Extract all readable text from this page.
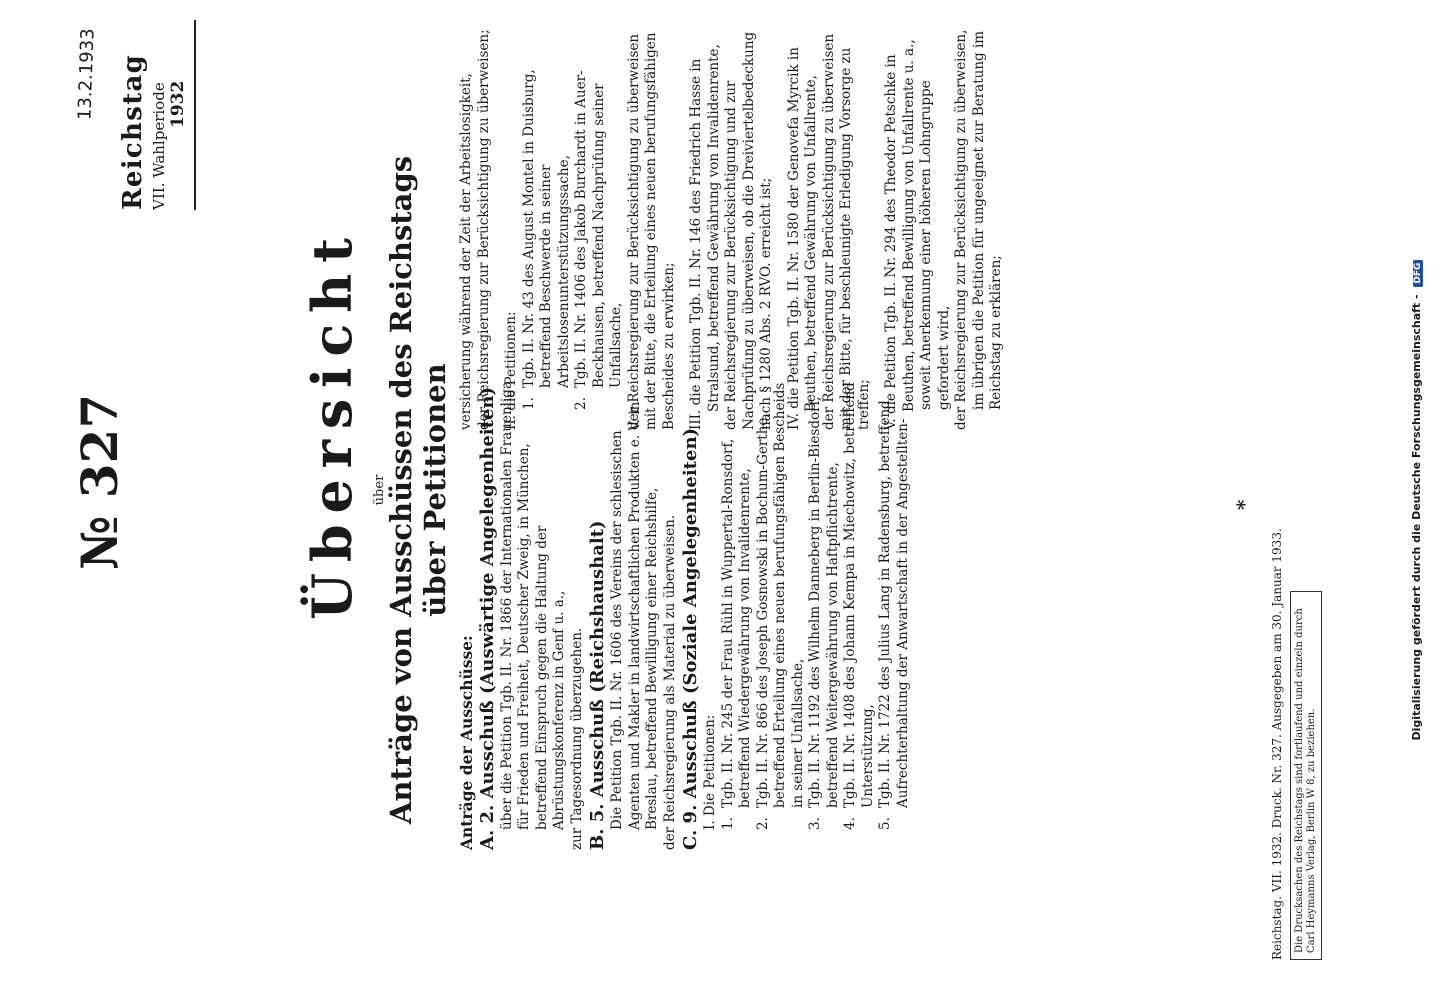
№ 327
13.2.1933 Reichstag VII. Wahlperiode 1932
Übersicht über
Anträge von Ausschüssen des Reichstags über Petitionen

Anträge der Ausschüsse: A. 2. Ausschuß (Auswärtige Angelegenheiten) über die Petition Tgb. II. Nr. 1866 der Internationalen Frauenliga für Frieden und Freiheit, Deutscher Zweig, in München, betreffend Einspruch gegen die Haltung der Abrüstungskonferenz in Genf u. a., zur Tagesordnung überzugehen. B. 5. Ausschuß (Reichshaushalt) Die Petition Tgb. II. Nr. 1606 des Vereins der schlesischen Agenten und Makler in landwirtschaftlichen Produkten e. V. in Breslau, betreffend Bewilligung einer Reichshilfe, der Reichsregierung als Material zu überweisen. C. 9. Ausschuß (Soziale Angelegenheiten) I. Die Petitionen: 1.
Tgb. II. Nr. 245 der Frau Rühl in Wuppertal-Ronsdorf, betreffend Wiedergewährung von Invalidenrente,
2.
Tgb. II. Nr. 866 des Joseph Gosnowski in Bochum-Gerthe, betreffend Erteilung eines neuen berufungsfähigen Bescheids in seiner Unfallsache,
3.
Tgb. II. Nr. 1192 des Wilhelm Danneberg in Berlin-Biesdorf, betreffend Weitergewährung von Haftpflichtrente,
4.
Tgb. II. Nr. 1408 des Johann Kempa in Miechowitz, betreffend Unterstützung,
5.
Tgb. II. Nr. 1722 des Julius Lang in Radensburg, betreffend Aufrechterhaltung der Anwartschaft in der Angestellten-

versicherung während der Zeit der Arbeitslosigkeit, der Reichsregierung zur Berücksichtigung zu überweisen; II. die Petitionen: 1.
Tgb. II. Nr. 43 des August Montel in Duisburg, betreffend Beschwerde in seiner Arbeitslosenunterstützungssache,
2.
Tgb. II. Nr. 1406 des Jakob Burchardt in Auer-Beckhausen, betreffend Nachprüfung seiner Unfallsache, der Reichsregierung zur Berücksichtigung zu überweisen mit der Bitte, die Erteilung eines neuen berufungsfähigen Bescheides zu erwirken; III. die Petition Tgb. II. Nr. 146 des Friedrich Hasse in Stralsund, betreffend Gewährung von Invalidenrente, der Reichsregierung zur Berücksichtigung und zur Nachprüfung zu überweisen, ob die Dreiviertelbedeckung nach § 1280 Abs. 2 RVO. erreicht ist; IV. die Petition Tgb. II. Nr. 1580 der Genovefa Myrcik in Beuthen, betreffend Gewährung von Unfallrente, der Reichsregierung zur Berücksichtigung zu überweisen mit der Bitte, für beschleunigte Erledigung Vorsorge zu treffen; V. die Petition Tgb. II. Nr. 294 des Theodor Petschke in Beuthen, betreffend Bewilligung von Unfallrente u. a., soweit Anerkennung einer höheren Lohngruppe gefordert wird, der Reichsregierung zur Berücksichtigung zu überweisen, im übrigen die Petition für ungeeignet zur Beratung im Reichstag zu erklären;

*
Reichstag. VII. 1932. Druck. Nr. 327. Ausgegeben am 30. Januar 1933.	Die Drucksachen des Reichstags sind fortlaufend und einzeln durch Carl Heymanns Verlag, Berlin W 8, zu beziehen.
Digitalisierung gefördert durch die Deutsche Forschungsgemeinschaft - DFG
